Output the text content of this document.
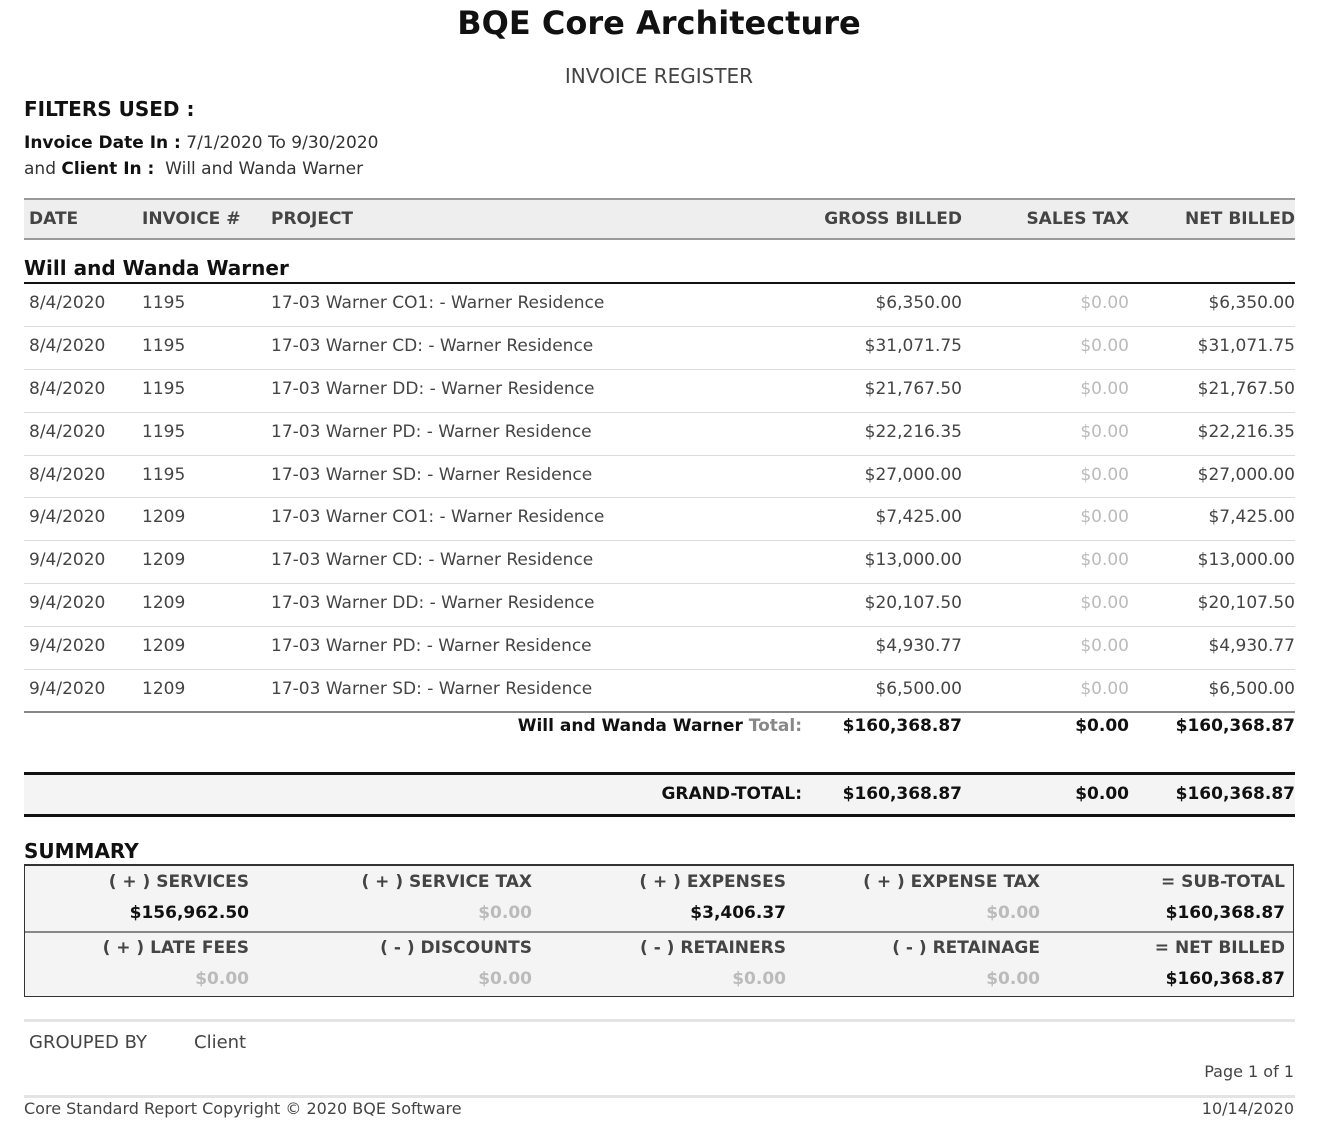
BQE Core Architecture
INVOICE REGISTER
FILTERS USED :
Invoice Date In : 7/1/2020 To 9/30/2020
and Client In : Will and Wanda Warner
DATE	INVOICE # PROJECT	GROSS BILLED	SALES TAX	NET BILLED
Will and Wanda Warner
8/4/2020 1195	17-03 Warner CO1: - Warner Residence	$6,350.00	$0.00	$6,350.00
8/4/2020 1195	17-03 Warner CD: - Warner Residence	$31,071.75	$0.00	$31,071.75
8/4/2020 1195	17-03 Warner DD: - Warner Residence	$21,767.50	$0.00	$21,767.50
8/4/2020 1195	17-03 Warner PD: - Warner Residence	$22,216.35	$0.00	$22,216.35
8/4/2020 1195	17-03 Warner SD: - Warner Residence	$27,000.00	$0.00	$27,000.00
9/4/2020 1209	17-03 Warner CO1: - Warner Residence	$7,425.00	$0.00	$7,425.00
9/4/2020 1209	17-03 Warner CD: - Warner Residence	$13,000.00	$0.00	$13,000.00
9/4/2020 1209	17-03 Warner DD: - Warner Residence	$20,107.50	$0.00	$20,107.50
9/4/2020 1209	17-03 Warner PD: - Warner Residence	$4,930.77	$0.00	$4,930.77
9/4/2020 1209	17-03 Warner SD: - Warner Residence	$6,500.00	$0.00	$6,500.00
Will and Wanda Warner Total: $160,368.87	$0.00	$160,368.87
GRAND-TOTAL: $160,368.87	$0.00	$160,368.87
SUMMARY
( + ) SERVICES	( + ) SERVICE TAX	( + ) EXPENSES	( + ) EXPENSE TAX	= SUB-TOTAL
$156,962.50	$0.00	$3,406.37	$0.00	$160,368.87
( + ) LATE FEES	( - ) DISCOUNTS	( - ) RETAINERS	( - ) RETAINAGE	= NET BILLED
$0.00	$0.00	$0.00	$0.00	$160,368.87
GROUPED BY	Client
Page 1 of 1
Core Standard Report Copyright © 2020 BQE Software	10/14/2020
